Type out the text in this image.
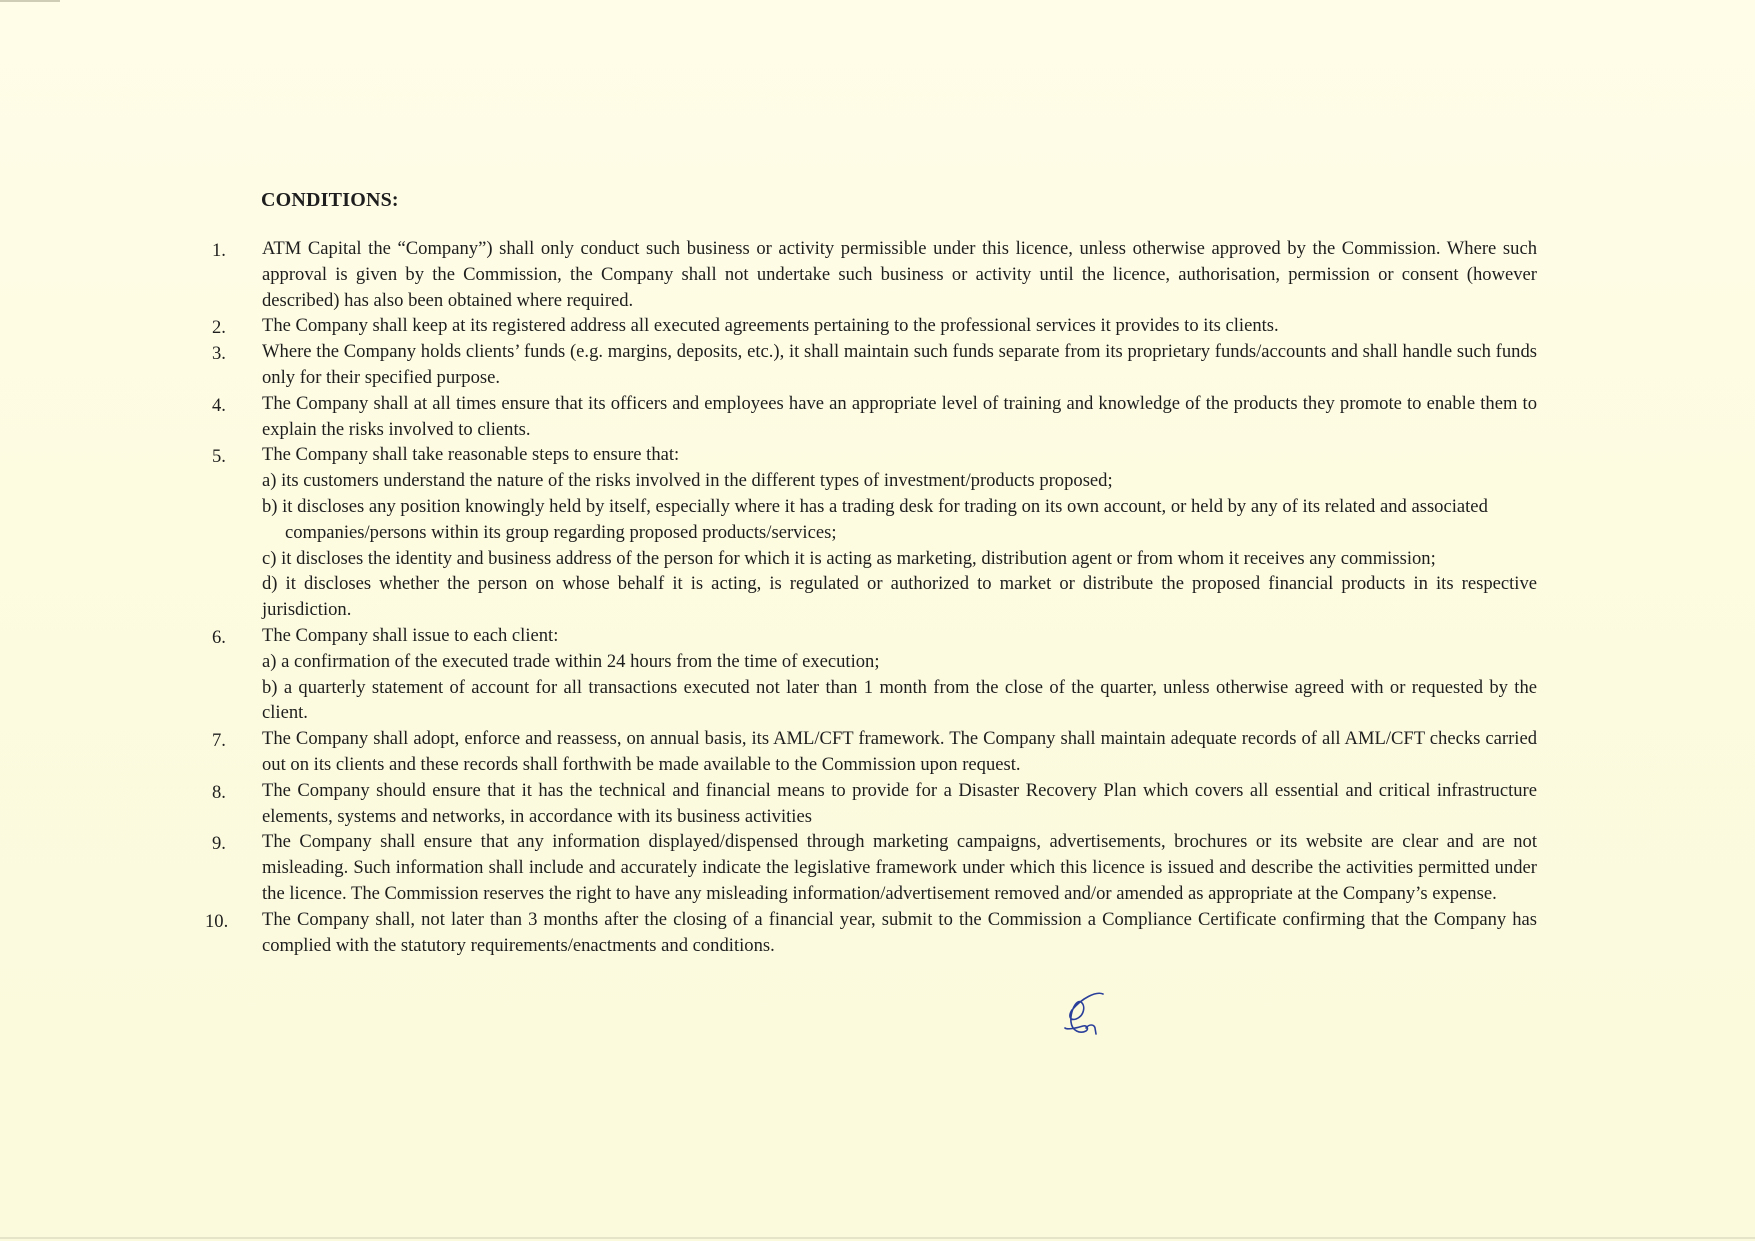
CONDITIONS:
1.	ATM Capital the “Company”) shall only conduct such business or activity permissible under this licence, unless otherwise approved by the Commission. Where such approval is given by the Commission, the Company shall not undertake such business or activity until the licence, authorisation, permission or consent (however described) has also been obtained where required.
2.	The Company shall keep at its registered address all executed agreements pertaining to the professional services it provides to its clients.
3.	Where the Company holds clients’ funds (e.g. margins, deposits, etc.), it shall maintain such funds separate from its proprietary funds/accounts and shall handle such funds only for their specified purpose.
4.	The Company shall at all times ensure that its officers and employees have an appropriate level of training and knowledge of the products they promote to enable them to explain the risks involved to clients.
5.	The Company shall take reasonable steps to ensure that:
a) its customers understand the nature of the risks involved in the different types of investment/products proposed;
b) it discloses any position knowingly held by itself, especially where it has a trading desk for trading on its own account, or held by any of its related and associated companies/persons within its group regarding proposed products/services;
c) it discloses the identity and business address of the person for which it is acting as marketing, distribution agent or from whom it receives any commission;
d) it discloses whether the person on whose behalf it is acting, is regulated or authorized to market or distribute the proposed financial products in its respective jurisdiction.
6.	The Company shall issue to each client:
a) a confirmation of the executed trade within 24 hours from the time of execution;
b) a quarterly statement of account for all transactions executed not later than 1 month from the close of the quarter, unless otherwise agreed with or requested by the client.
7.	The Company shall adopt, enforce and reassess, on annual basis, its AML/CFT framework. The Company shall maintain adequate records of all AML/CFT checks carried out on its clients and these records shall forthwith be made available to the Commission upon request.
8.	The Company should ensure that it has the technical and financial means to provide for a Disaster Recovery Plan which covers all essential and critical infrastructure elements, systems and networks, in accordance with its business activities
9.	The Company shall ensure that any information displayed/dispensed through marketing campaigns, advertisements, brochures or its website are clear and are not misleading. Such information shall include and accurately indicate the legislative framework under which this licence is issued and describe the activities permitted under the licence. The Commission reserves the right to have any misleading information/advertisement removed and/or amended as appropriate at the Company’s expense.
10.	The Company shall, not later than 3 months after the closing of a financial year, submit to the Commission a Compliance Certificate confirming that the Company has complied with the statutory requirements/enactments and conditions.
